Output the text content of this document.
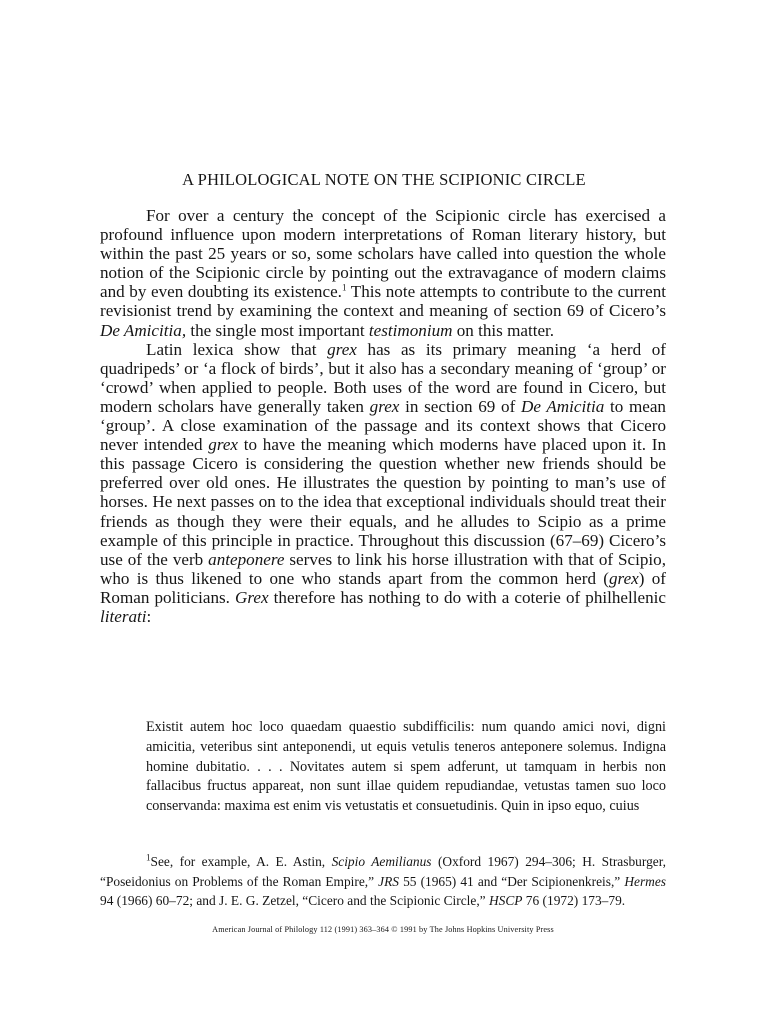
A PHILOLOGICAL NOTE ON THE SCIPIONIC CIRCLE

For over a century the concept of the Scipionic circle has exercised a profound influence upon modern interpretations of Roman literary history, but within the past 25 years or so, some scholars have called into question the whole notion of the Scipionic circle by pointing out the extravagance of modern claims and by even doubting its existence.$^1$ This note attempts to contribute to the current revisionist trend by examining the context and meaning of section 69 of Cicero’s De Amicitia, the single most important testimonium on this matter.

Latin lexica show that grex has as its primary meaning ‘a herd of quadripeds’ or ‘a flock of birds’, but it also has a secondary meaning of ‘group’ or ‘crowd’ when applied to people. Both uses of the word are found in Cicero, but modern scholars have generally taken grex in section 69 of De Amicitia to mean ‘group’. A close examination of the passage and its context shows that Cicero never intended grex to have the meaning which moderns have placed upon it. In this passage Cicero is considering the question whether new friends should be preferred over old ones. He illustrates the question by pointing to man’s use of horses. He next passes on to the idea that exceptional individuals should treat their friends as though they were their equals, and he alludes to Scipio as a prime example of this principle in practice. Throughout this discussion (67–69) Cicero’s use of the verb anteponere serves to link his horse illustration with that of Scipio, who is thus likened to one who stands apart from the common herd (grex) of Roman politicians. Grex therefore has nothing to do with a coterie of philhellenic literati:

Existit autem hoc loco quaedam quaestio subdifficilis: num quando amici novi, digni amicitia, veteribus sint anteponendi, ut equis vetulis teneros anteponere solemus. Indigna homine dubitatio. . . . Novitates autem si spem adferunt, ut tamquam in herbis non fallacibus fructus appareat, non sunt illae quidem repudiandae, vetustas tamen suo loco conservanda: maxima est enim vis vetustatis et consuetudinis. Quin in ipso equo, cuius

$^1$See, for example, A. E. Astin, Scipio Aemilianus (Oxford 1967) 294–306; H. Strasburger, “Poseidonius on Problems of the Roman Empire,” JRS 55 (1965) 41 and “Der Scipionenkreis,” Hermes 94 (1966) 60–72; and J. E. G. Zetzel, “Cicero and the Scipionic Circle,” HSCP 76 (1972) 173–79.

American Journal of Philology 112 (1991) 363–364 © 1991 by The Johns Hopkins University Press
